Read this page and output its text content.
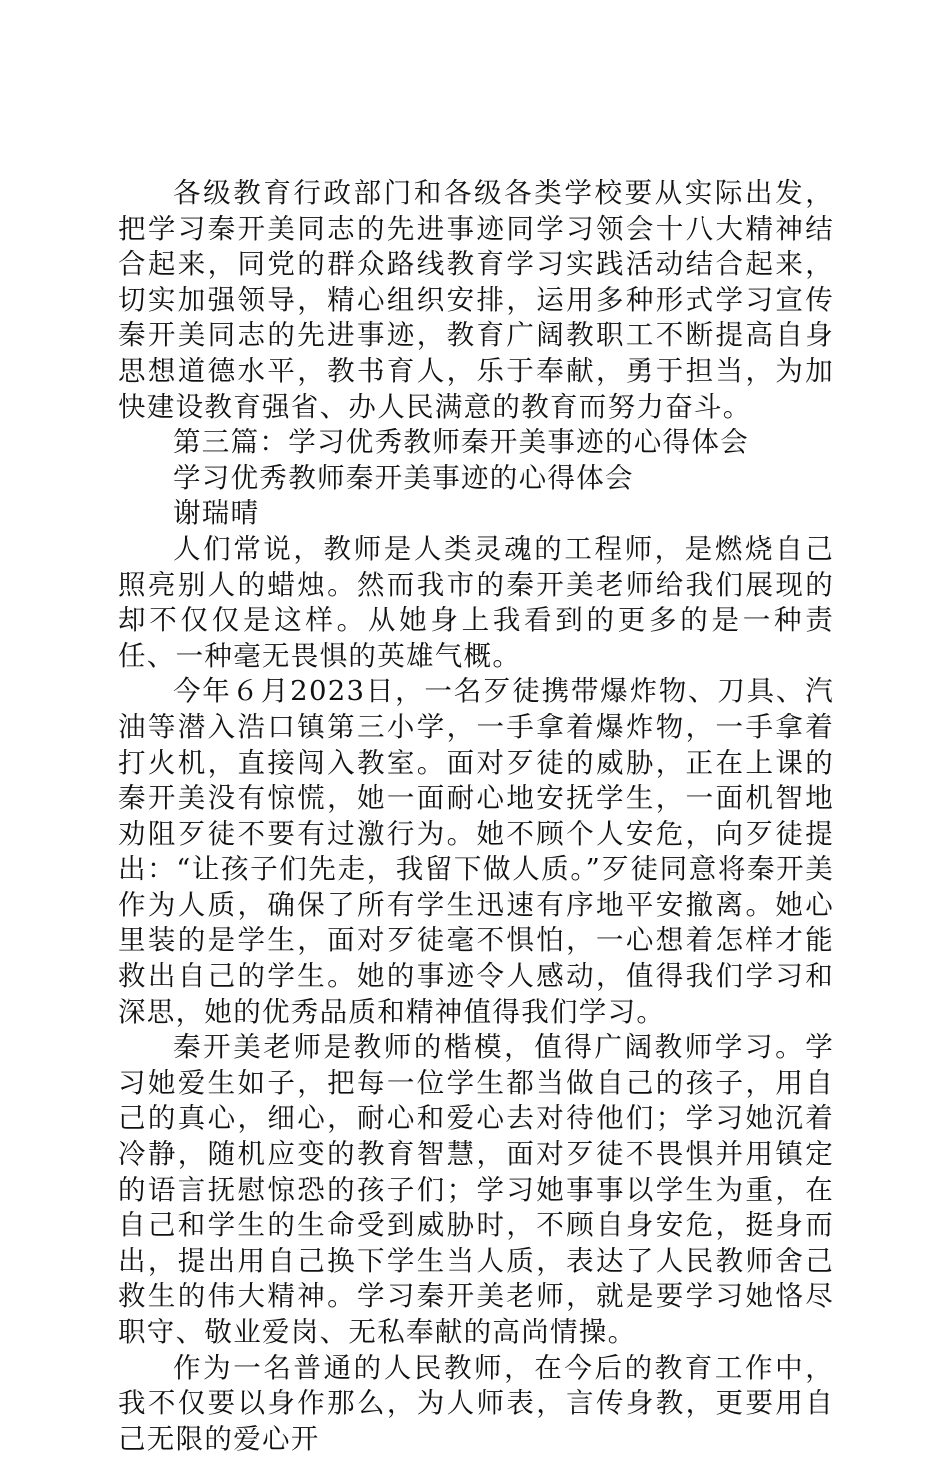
各级教育行政部门和各级各类学校要从实际出发，把学习秦开美同志的先进事迹同学习领会十八大精神结合起来，同党的群众路线教育学习实践活动结合起来，切实加强领导，精心组织安排，运用多种形式学习宣传秦开美同志的先进事迹，教育广阔教职工不断提高自身思想道德水平，教书育人，乐于奉献，勇于担当，为加快建设教育强省、办人民满意的教育而努力奋斗。

第三篇：学习优秀教师秦开美事迹的心得体会

学习优秀教师秦开美事迹的心得体会

谢瑞晴

人们常说，教师是人类灵魂的工程师，是燃烧自己照亮别人的蜡烛。然而我市的秦开美老师给我们展现的却不仅仅是这样。从她身上我看到的更多的是一种责任、一种毫无畏惧的英雄气概。

今年６月2023日，一名歹徒携带爆炸物、刀具、汽油等潜入浩口镇第三小学，一手拿着爆炸物，一手拿着打火机，直接闯入教室。面对歹徒的威胁，正在上课的秦开美没有惊慌，她一面耐心地安抚学生，一面机智地劝阻歹徒不要有过激行为。她不顾个人安危，向歹徒提出：“让孩子们先走，我留下做人质。”歹徒同意将秦开美作为人质，确保了所有学生迅速有序地平安撤离。她心里装的是学生，面对歹徒毫不惧怕，一心想着怎样才能救出自己的学生。她的事迹令人感动，值得我们学习和深思，她的优秀品质和精神值得我们学习。

秦开美老师是教师的楷模，值得广阔教师学习。学习她爱生如子，把每一位学生都当做自己的孩子，用自己的真心，细心，耐心和爱心去对待他们；学习她沉着冷静，随机应变的教育智慧，面对歹徒不畏惧并用镇定的语言抚慰惊恐的孩子们；学习她事事以学生为重，在自己和学生的生命受到威胁时，不顾自身安危，挺身而出，提出用自己换下学生当人质，表达了人民教师舍己救生的伟大精神。学习秦开美老师，就是要学习她恪尽职守、敬业爱岗、无私奉献的高尚情操。

作为一名普通的人民教师，在今后的教育工作中，我不仅要以身作那么，为人师表，言传身教，更要用自己无限的爱心开
